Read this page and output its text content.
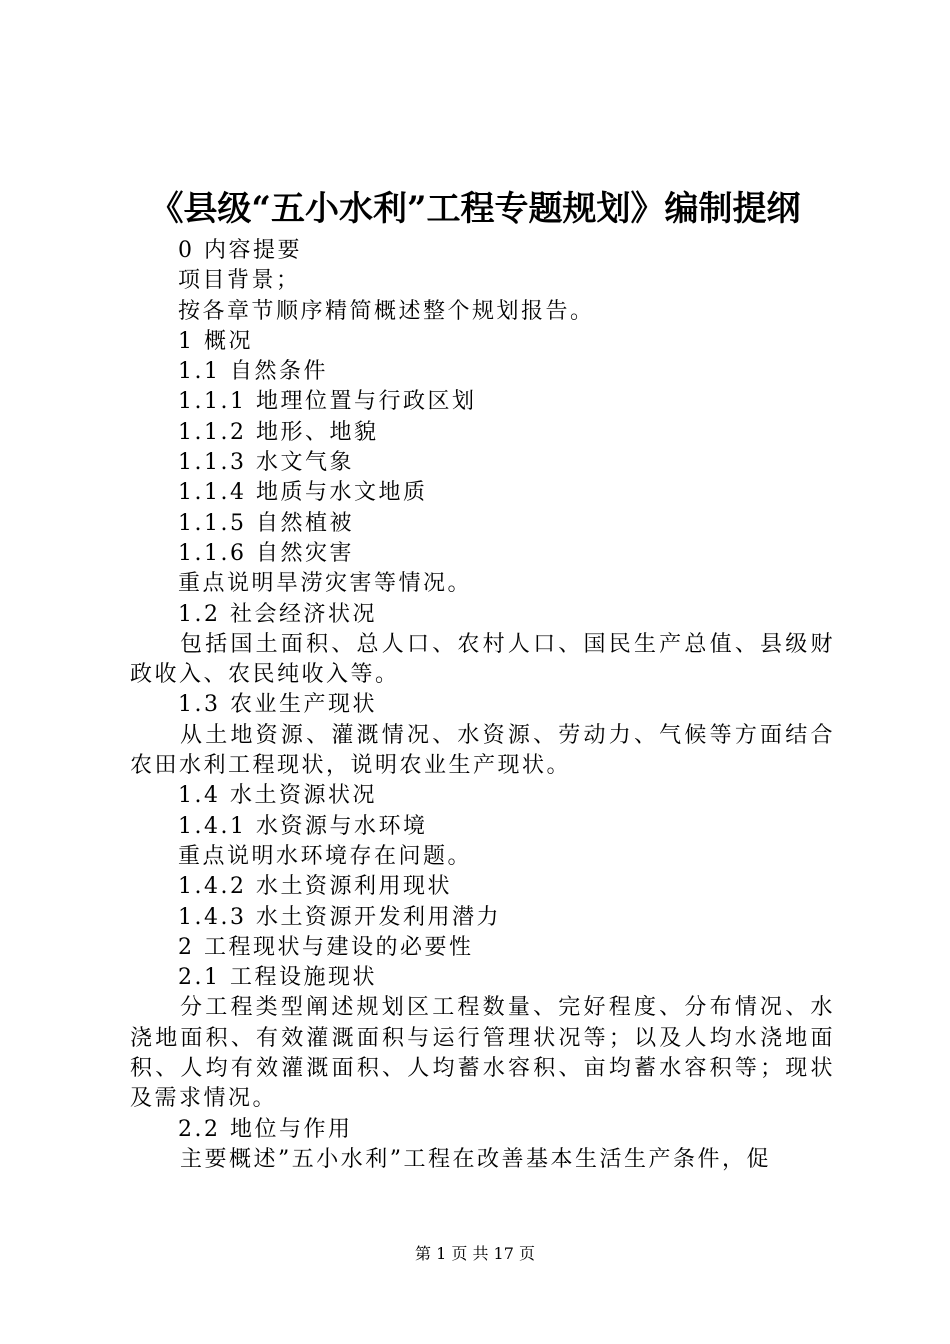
《县级“五小水利”工程专题规划》编制提纲
0 内容提要
项目背景；
按各章节顺序精简概述整个规划报告。
1 概况
1.1 自然条件
1.1.1 地理位置与行政区划
1.1.2 地形、地貌
1.1.3 水文气象
1.1.4 地质与水文地质
1.1.5 自然植被
1.1.6 自然灾害
重点说明旱涝灾害等情况。
1.2 社会经济状况
包括国土面积、总人口、农村人口、国民生产总值、县级财政收入、农民纯收入等。
1.3 农业生产现状
从土地资源、灌溉情况、水资源、劳动力、气候等方面结合农田水利工程现状，说明农业生产现状。
1.4 水土资源状况
1.4.1 水资源与水环境
重点说明水环境存在问题。
1.4.2 水土资源利用现状
1.4.3 水土资源开发利用潜力
2 工程现状与建设的必要性
2.1 工程设施现状
分工程类型阐述规划区工程数量、完好程度、分布情况、水浇地面积、有效灌溉面积与运行管理状况等；以及人均水浇地面积、人均有效灌溉面积、人均蓄水容积、亩均蓄水容积等；现状及需求情况。
2.2 地位与作用
主要概述”五小水利”工程在改善基本生活生产条件，促
第 1 页 共 17 页
